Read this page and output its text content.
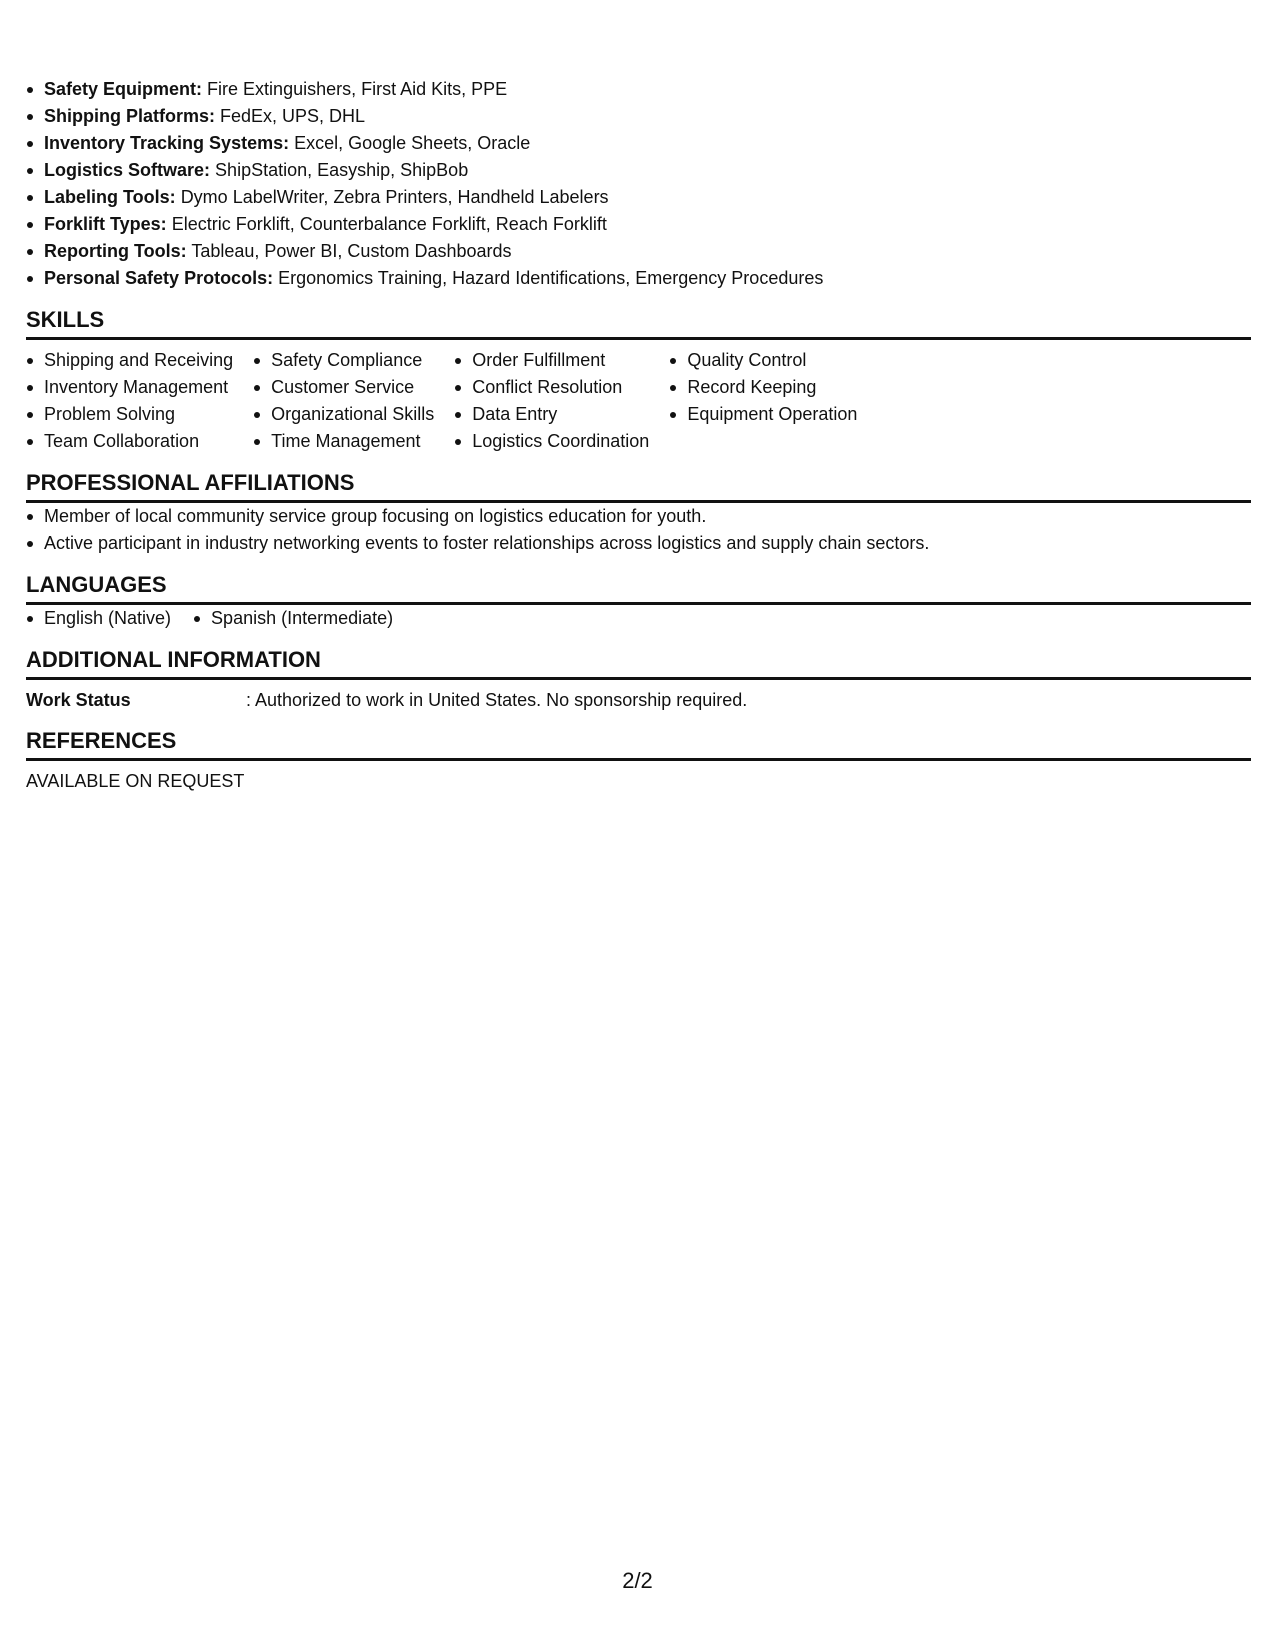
Safety Equipment: Fire Extinguishers, First Aid Kits, PPE
Shipping Platforms: FedEx, UPS, DHL
Inventory Tracking Systems: Excel, Google Sheets, Oracle
Logistics Software: ShipStation, Easyship, ShipBob
Labeling Tools: Dymo LabelWriter, Zebra Printers, Handheld Labelers
Forklift Types: Electric Forklift, Counterbalance Forklift, Reach Forklift
Reporting Tools: Tableau, Power BI, Custom Dashboards
Personal Safety Protocols: Ergonomics Training, Hazard Identifications, Emergency Procedures
SKILLS
Shipping and Receiving
Inventory Management
Problem Solving
Team Collaboration
Safety Compliance
Customer Service
Organizational Skills
Time Management
Order Fulfillment
Conflict Resolution
Data Entry
Logistics Coordination
Quality Control
Record Keeping
Equipment Operation
PROFESSIONAL AFFILIATIONS
Member of local community service group focusing on logistics education for youth.
Active participant in industry networking events to foster relationships across logistics and supply chain sectors.
LANGUAGES
English (Native)	Spanish (Intermediate)
ADDITIONAL INFORMATION
Work Status	: Authorized to work in United States. No sponsorship required.
REFERENCES
AVAILABLE ON REQUEST
2/2
